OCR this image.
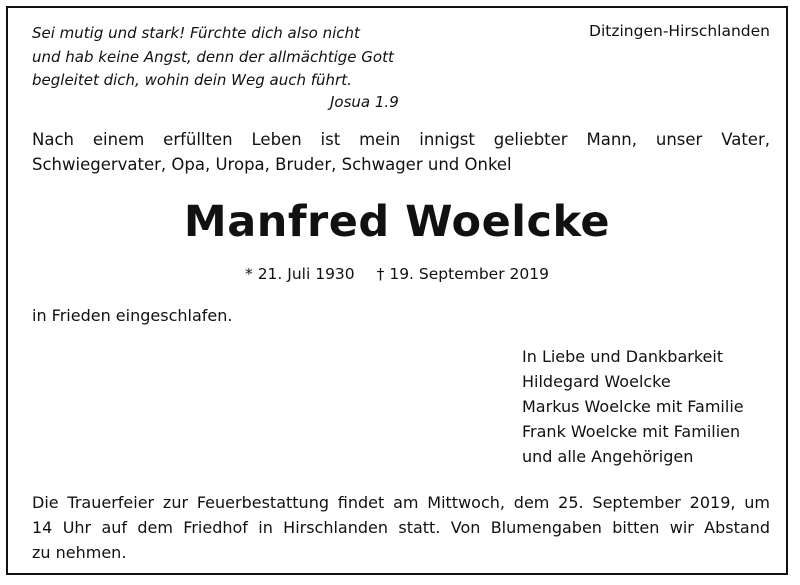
Sei mutig und stark! Fürchte dich also nicht
und hab keine Angst, denn der allmächtige Gott
begleitet dich, wohin dein Weg auch führt.
Josua 1.9
Ditzingen-Hirschlanden
Nach einem erfüllten Leben ist mein innigst geliebter Mann, unser Vater,
Schwiegervater, Opa, Uropa, Bruder, Schwager und Onkel
Manfred Woelcke
* 21. Juli 1930 † 19. September 2019
in Frieden eingeschlafen.
In Liebe und Dankbarkeit
Hildegard Woelcke
Markus Woelcke mit Familie
Frank Woelcke mit Familien
und alle Angehörigen
Die Trauerfeier zur Feuerbestattung findet am Mittwoch, dem 25. September 2019, um
14 Uhr auf dem Friedhof in Hirschlanden statt. Von Blumengaben bitten wir Abstand
zu nehmen.
